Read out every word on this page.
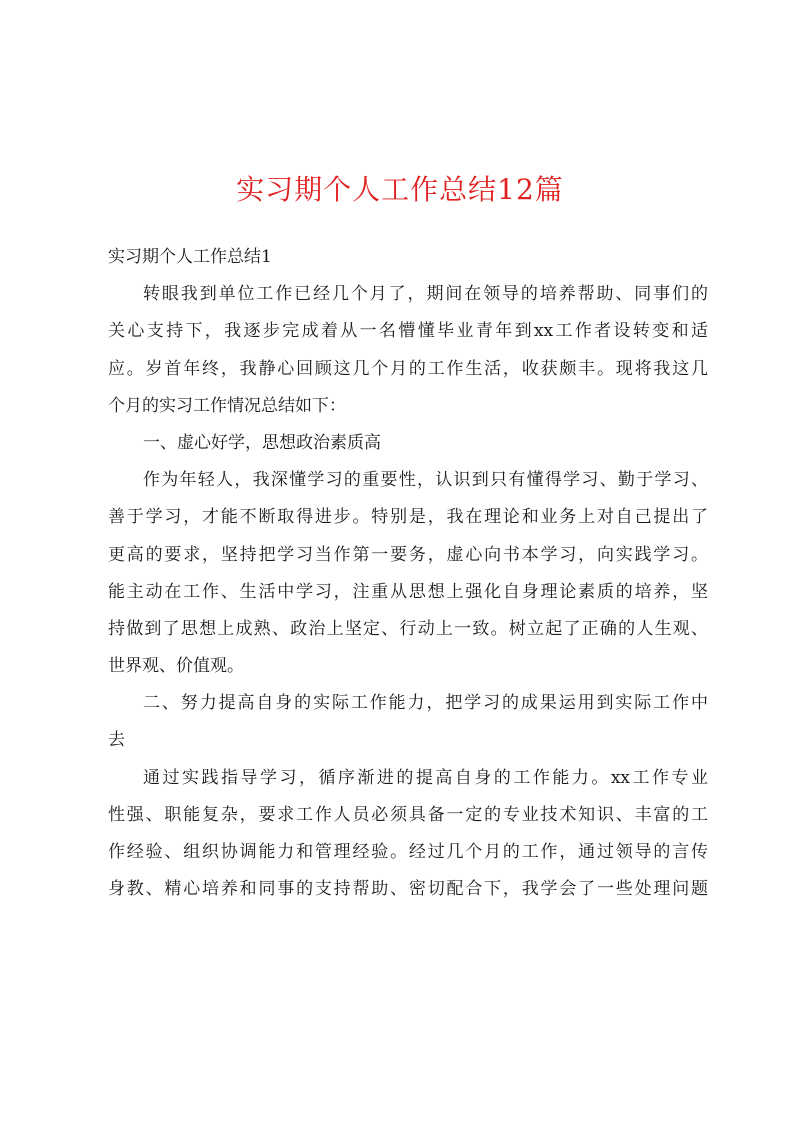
实习期个人工作总结12篇
实习期个人工作总结1
转眼我到单位工作已经几个月了，期间在领导的培养帮助、同事们的
关心支持下，我逐步完成着从一名懵懂毕业青年到xx工作者设转变和适
应。岁首年终，我静心回顾这几个月的工作生活，收获颇丰。现将我这几
个月的实习工作情况总结如下：
一、虚心好学，思想政治素质高
作为年轻人，我深懂学习的重要性，认识到只有懂得学习、勤于学习、
善于学习，才能不断取得进步。特别是，我在理论和业务上对自己提出了
更高的要求，坚持把学习当作第一要务，虚心向书本学习，向实践学习。
能主动在工作、生活中学习，注重从思想上强化自身理论素质的培养，坚
持做到了思想上成熟、政治上坚定、行动上一致。树立起了正确的人生观、
世界观、价值观。
二、努力提高自身的实际工作能力，把学习的成果运用到实际工作中
去
通过实践指导学习，循序渐进的提高自身的工作能力。xx工作专业
性强、职能复杂，要求工作人员必须具备一定的专业技术知识、丰富的工
作经验、组织协调能力和管理经验。经过几个月的工作，通过领导的言传
身教、精心培养和同事的支持帮助、密切配合下，我学会了一些处理问题
